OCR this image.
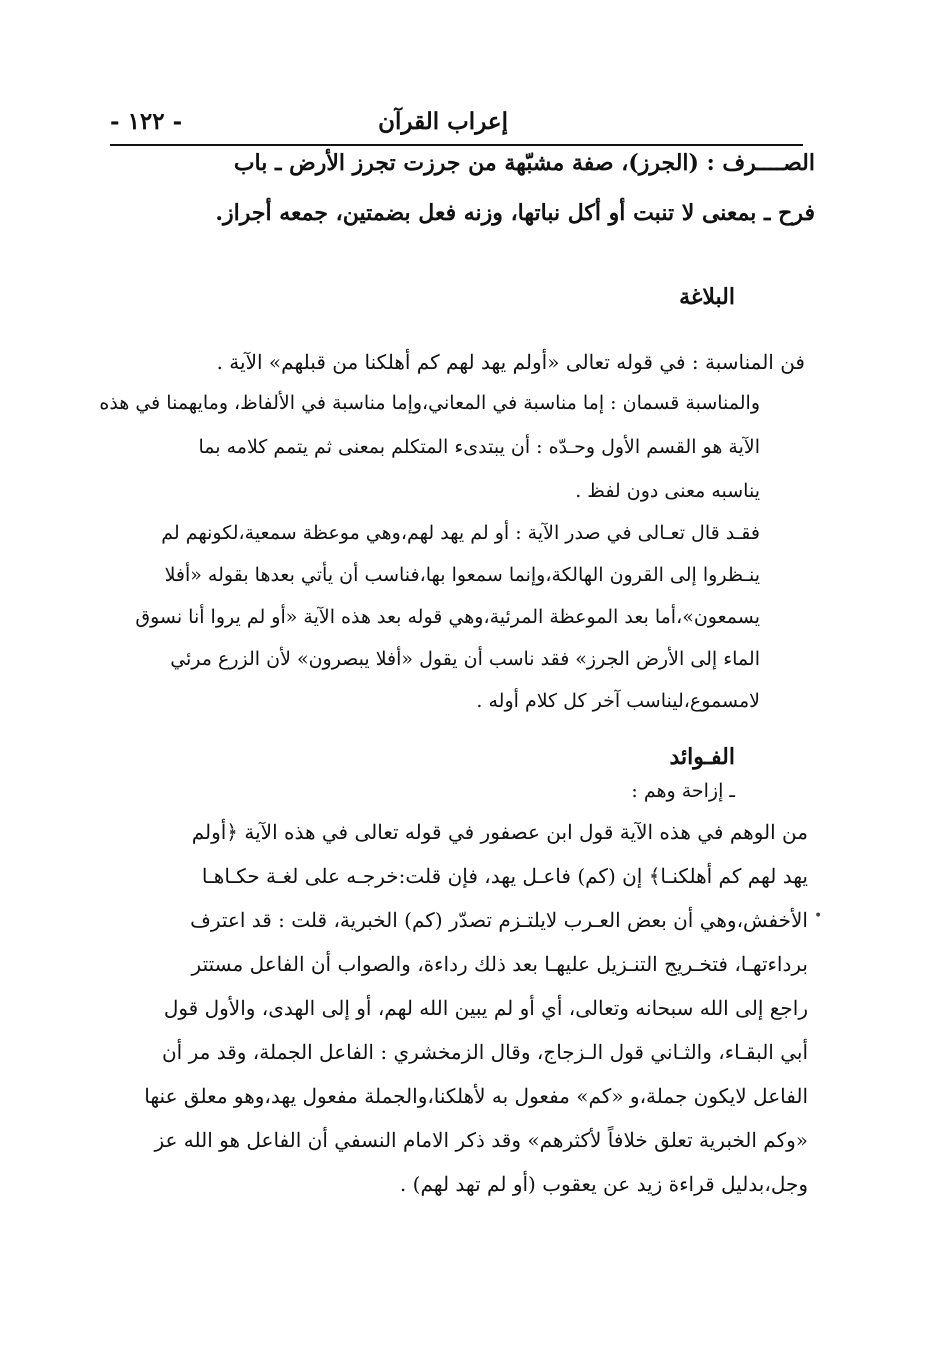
إعراب القرآن
- ١٢٢ -
الصــــرف : (الجرز)، صفة مشبّهة من جرزت تجرز الأرض ـ باب
فرح ـ بمعنى لا تنبت أو أكل نباتها، وزنه فعل بضمتين، جمعه أجراز.
البلاغة
فن المناسبة : في قوله تعالى «أولم يهد لهم كم أهلكنا من قبلهم» الآية .
والمناسبة قسمان : إما مناسبة في المعاني،وإما مناسبة في الألفاظ، ومايهمنا في هذه
الآية هو القسم الأول وحـدّه : أن يبتدىء المتكلم بمعنى ثم يتمم كلامه بما
يناسبه معنى دون لفظ .
فقـد قال تعـالى في صدر الآية : أو لم يهد لهم،وهي موعظة سمعية،لكونهم لم
ينـظروا إلى القرون الهالكة،وإنما سمعوا بها،فناسب أن يأتي بعدها بقوله «أفلا
يسمعون»،أما بعد الموعظة المرئية،وهي قوله بعد هذه الآية «أو لم يروا أنا نسوق
الماء إلى الأرض الجرز» فقد ناسب أن يقول «أفلا يبصرون» لأن الزرع مرئي
لامسموع،ليناسب آخر كل كلام أوله .
الفـوائد
ـ إزاحة وهم :
من الوهم في هذه الآية قول ابن عصفور في قوله تعالى في هذه الآية ﴿أولم
يهد لهم كم أهلكنـا﴾ إن (كم) فاعـل يهد، فإن قلت:خرجـه على لغـة حكـاهـا
الأخفش،وهي أن بعض العـرب لايلتـزم تصدّر (كم) الخبرية، قلت : قد اعترف
برداءتهـا، فتخـريج التنـزيل عليهـا بعد ذلك رداءة، والصواب أن الفاعل مستتر
راجع إلى الله سبحانه وتعالى، أي أو لم يبين الله لهم، أو إلى الهدى، والأول قول
أبي البقـاء، والثـاني قول الـزجاج، وقال الزمخشري : الفاعل الجملة، وقد مر أن
الفاعل لايكون جملة،و «كم» مفعول به لأهلكنا،والجملة مفعول يهد،وهو معلق عنها
«وكم الخبرية تعلق خلافاً لأكثرهم» وقد ذكر الامام النسفي أن الفاعل هو الله عز
وجل،بدليل قراءة زيد عن يعقوب (أو لم تهد لهم) .
•
